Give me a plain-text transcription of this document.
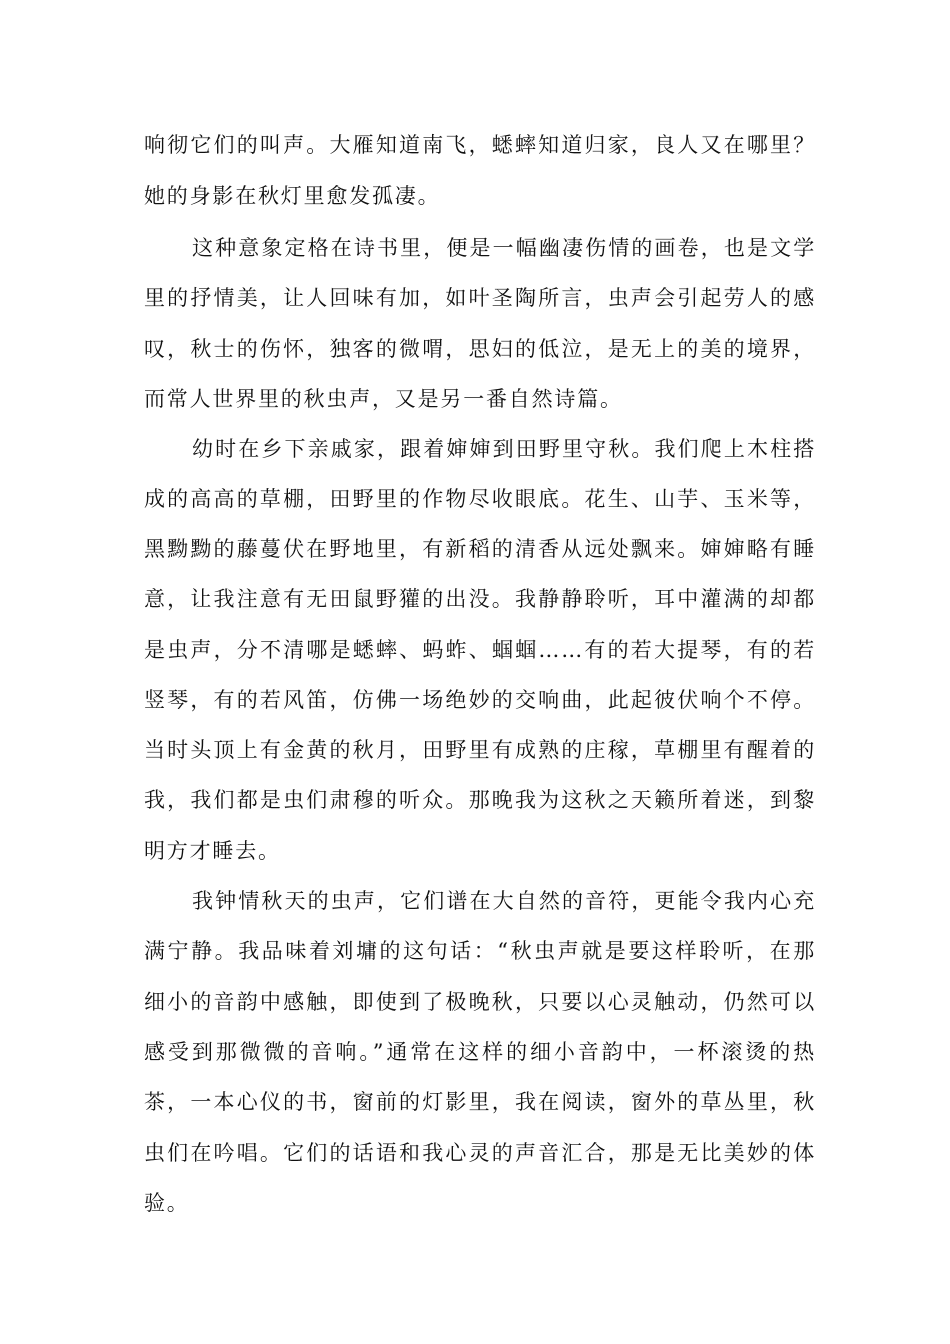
响彻它们的叫声。大雁知道南飞，蟋蟀知道归家，良人又在哪里？
她的身影在秋灯里愈发孤凄。
这种意象定格在诗书里，便是一幅幽凄伤情的画卷，也是文学
里的抒情美，让人回味有加，如叶圣陶所言，虫声会引起劳人的感
叹，秋士的伤怀，独客的微喟，思妇的低泣，是无上的美的境界，
而常人世界里的秋虫声，又是另一番自然诗篇。
幼时在乡下亲戚家，跟着婶婶到田野里守秋。我们爬上木柱搭
成的高高的草棚，田野里的作物尽收眼底。花生、山芋、玉米等，
黑黝黝的藤蔓伏在野地里，有新稻的清香从远处飘来。婶婶略有睡
意，让我注意有无田鼠野獾的出没。我静静聆听，耳中灌满的却都
是虫声，分不清哪是蟋蟀、蚂蚱、蝈蝈……有的若大提琴，有的若
竖琴，有的若风笛，仿佛一场绝妙的交响曲，此起彼伏响个不停。
当时头顶上有金黄的秋月，田野里有成熟的庄稼，草棚里有醒着的
我，我们都是虫们肃穆的听众。那晚我为这秋之天籁所着迷，到黎
明方才睡去。
我钟情秋天的虫声，它们谱在大自然的音符，更能令我内心充
满宁静。我品味着刘墉的这句话：“秋虫声就是要这样聆听，在那
细小的音韵中感触，即使到了极晚秋，只要以心灵触动，仍然可以
感受到那微微的音响。”通常在这样的细小音韵中，一杯滚烫的热
茶，一本心仪的书，窗前的灯影里，我在阅读，窗外的草丛里，秋
虫们在吟唱。它们的话语和我心灵的声音汇合，那是无比美妙的体
验。
